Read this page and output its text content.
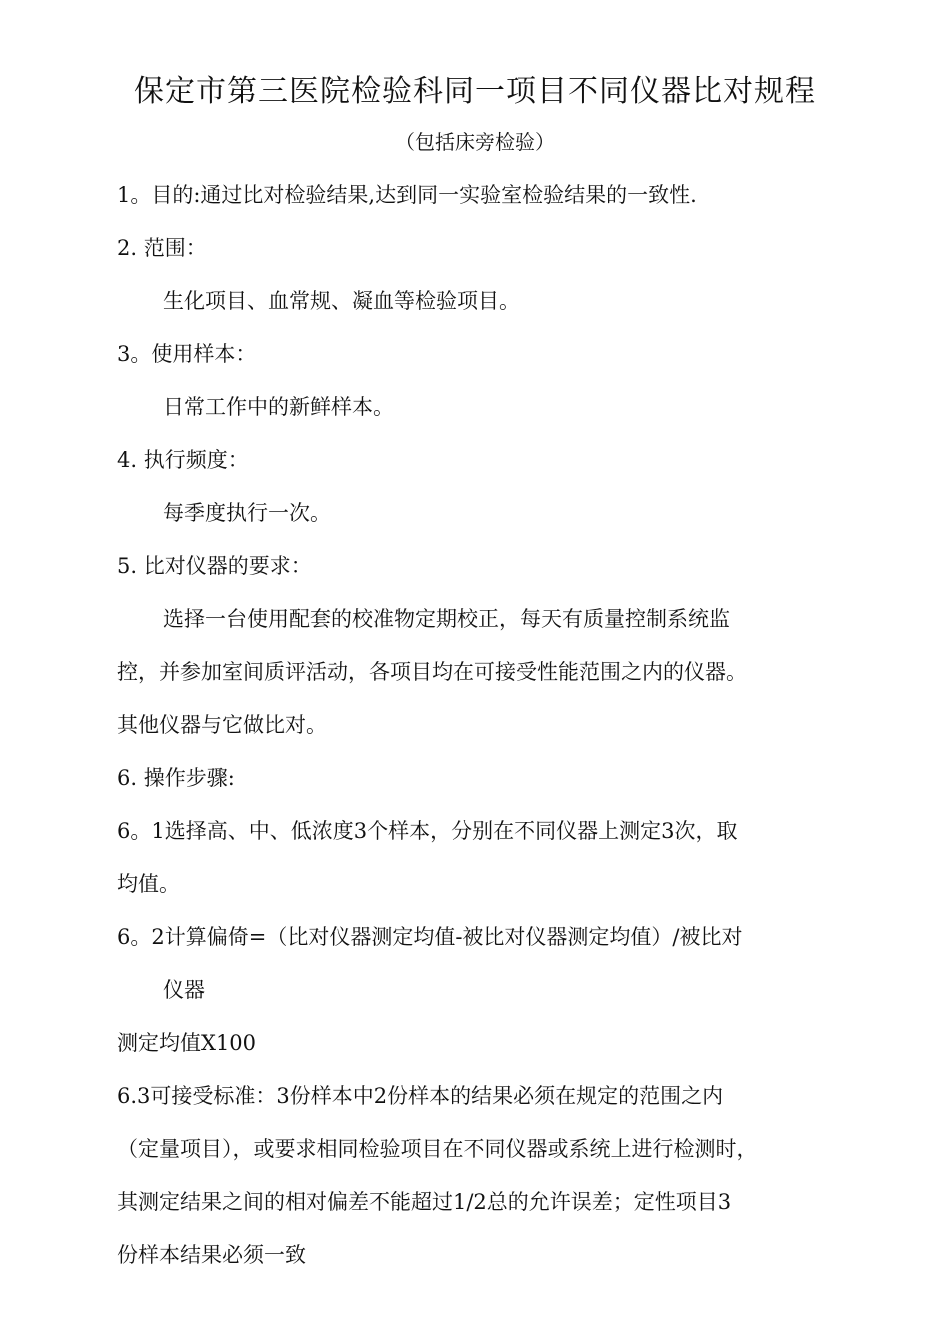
保定市第三医院检验科同一项目不同仪器比对规程
（包括床旁检验）
1。目的:通过比对检验结果,达到同一实验室检验结果的一致性.
2. 范围：
生化项目、血常规、凝血等检验项目。
3。使用样本：
日常工作中的新鲜样本。
4. 执行频度：
每季度执行一次。
5. 比对仪器的要求：
选择一台使用配套的校准物定期校正，每天有质量控制系统监
控，并参加室间质评活动，各项目均在可接受性能范围之内的仪器。
其他仪器与它做比对。
6. 操作步骤:
6。1选择高、中、低浓度3个样本，分别在不同仪器上测定3次，取
均值。
6。2计算偏倚=（比对仪器测定均值-被比对仪器测定均值）/被比对
仪器
测定均值X100
6.3可接受标准：3份样本中2份样本的结果必须在规定的范围之内
（定量项目），或要求相同检验项目在不同仪器或系统上进行检测时，
其测定结果之间的相对偏差不能超过1/2总的允许误差；定性项目3
份样本结果必须一致
